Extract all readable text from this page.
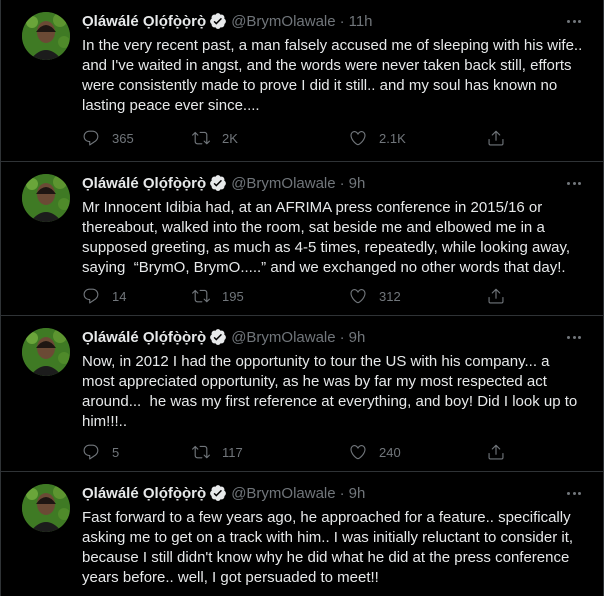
Ọláwálé Ọlọ́fọ̀ọ̀rọ̀ @BrymOlawale · 11h
In the very recent past, a man falsely accused me of sleeping with his wife..
and I've waited in angst, and the words were never taken back still, efforts
were consistently made to prove I did it still.. and my soul has known no
lasting peace ever since....
365	2K	2.1K
Ọláwálé Ọlọ́fọ̀ọ̀rọ̀ @BrymOlawale · 9h
Mr Innocent Idibia had, at an AFRIMA press conference in 2015/16 or
thereabout, walked into the room, sat beside me and elbowed me in a
supposed greeting, as much as 4-5 times, repeatedly, while looking away,
saying  “BrymO, BrymO.....” and we exchanged no other words that day!.
14	195	312
Ọláwálé Ọlọ́fọ̀ọ̀rọ̀ @BrymOlawale · 9h
Now, in 2012 I had the opportunity to tour the US with his company... a
most appreciated opportunity, as he was by far my most respected act
around...  he was my first reference at everything, and boy! Did I look up to
him!!!..
5	117	240
Ọláwálé Ọlọ́fọ̀ọ̀rọ̀ @BrymOlawale · 9h
Fast forward to a few years ago, he approached for a feature.. specifically
asking me to get on a track with him.. I was initially reluctant to consider it,
because I still didn't know why he did what he did at the press conference
years before.. well, I got persuaded to meet!!
